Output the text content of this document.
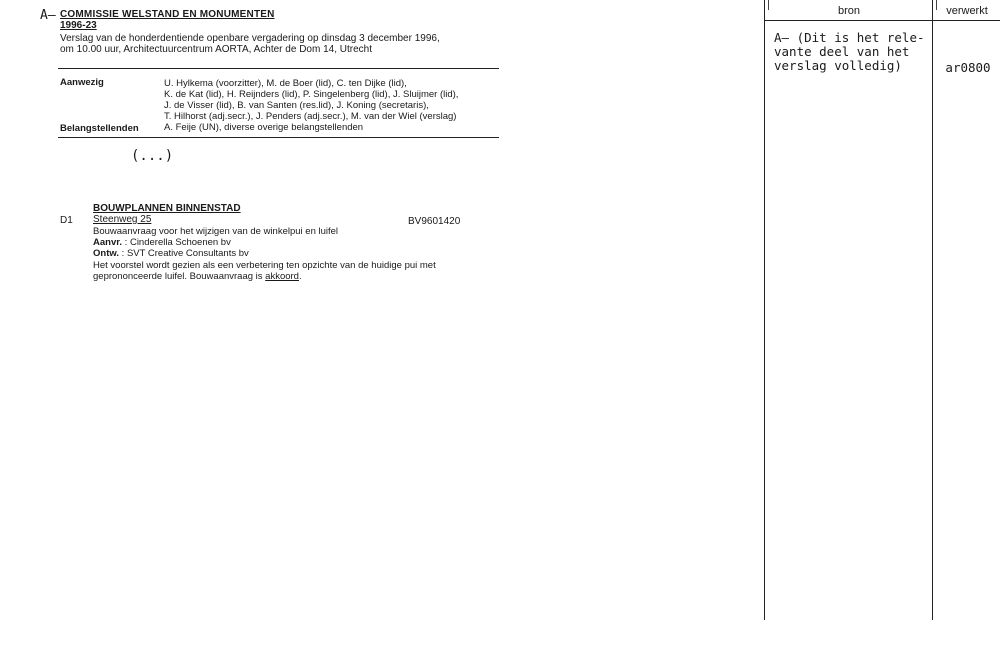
A– COMMISSIE WELSTAND EN MONUMENTEN
1996-23
Verslag van de honderdentiende openbare vergadering op dinsdag 3 december 1996,
om 10.00 uur, Architectuurcentrum AORTA, Achter de Dom 14, Utrecht
Aanwezig	U. Hylkema (voorzitter), M. de Boer (lid), C. ten Dijke (lid),
K. de Kat (lid), H. Reijnders (lid), P. Singelenberg (lid), J. Sluijmer (lid),
J. de Visser (lid), B. van Santen (res.lid), J. Koning (secretaris),
T. Hilhorst (adj.secr.), J. Penders (adj.secr.), M. van der Wiel (verslag)
Belangstellenden	A. Feije (UN), diverse overige belangstellenden
(...)
BOUWPLANNEN BINNENSTAD
D1 Steenweg 25	BV9601420
Bouwaanvraag voor het wijzigen van de winkelpui en luifel
Aanvr. : Cinderella Schoenen bv
Ontw. : SVT Creative Consultants bv
Het voorstel wordt gezien als een verbetering ten opzichte van de huidige pui met
geprononceerde luifel. Bouwaanvraag is akkoord.
bron	verwerkt
A– (Dit is het rele-
vante deel van het
verslag volledig)	ar0800
